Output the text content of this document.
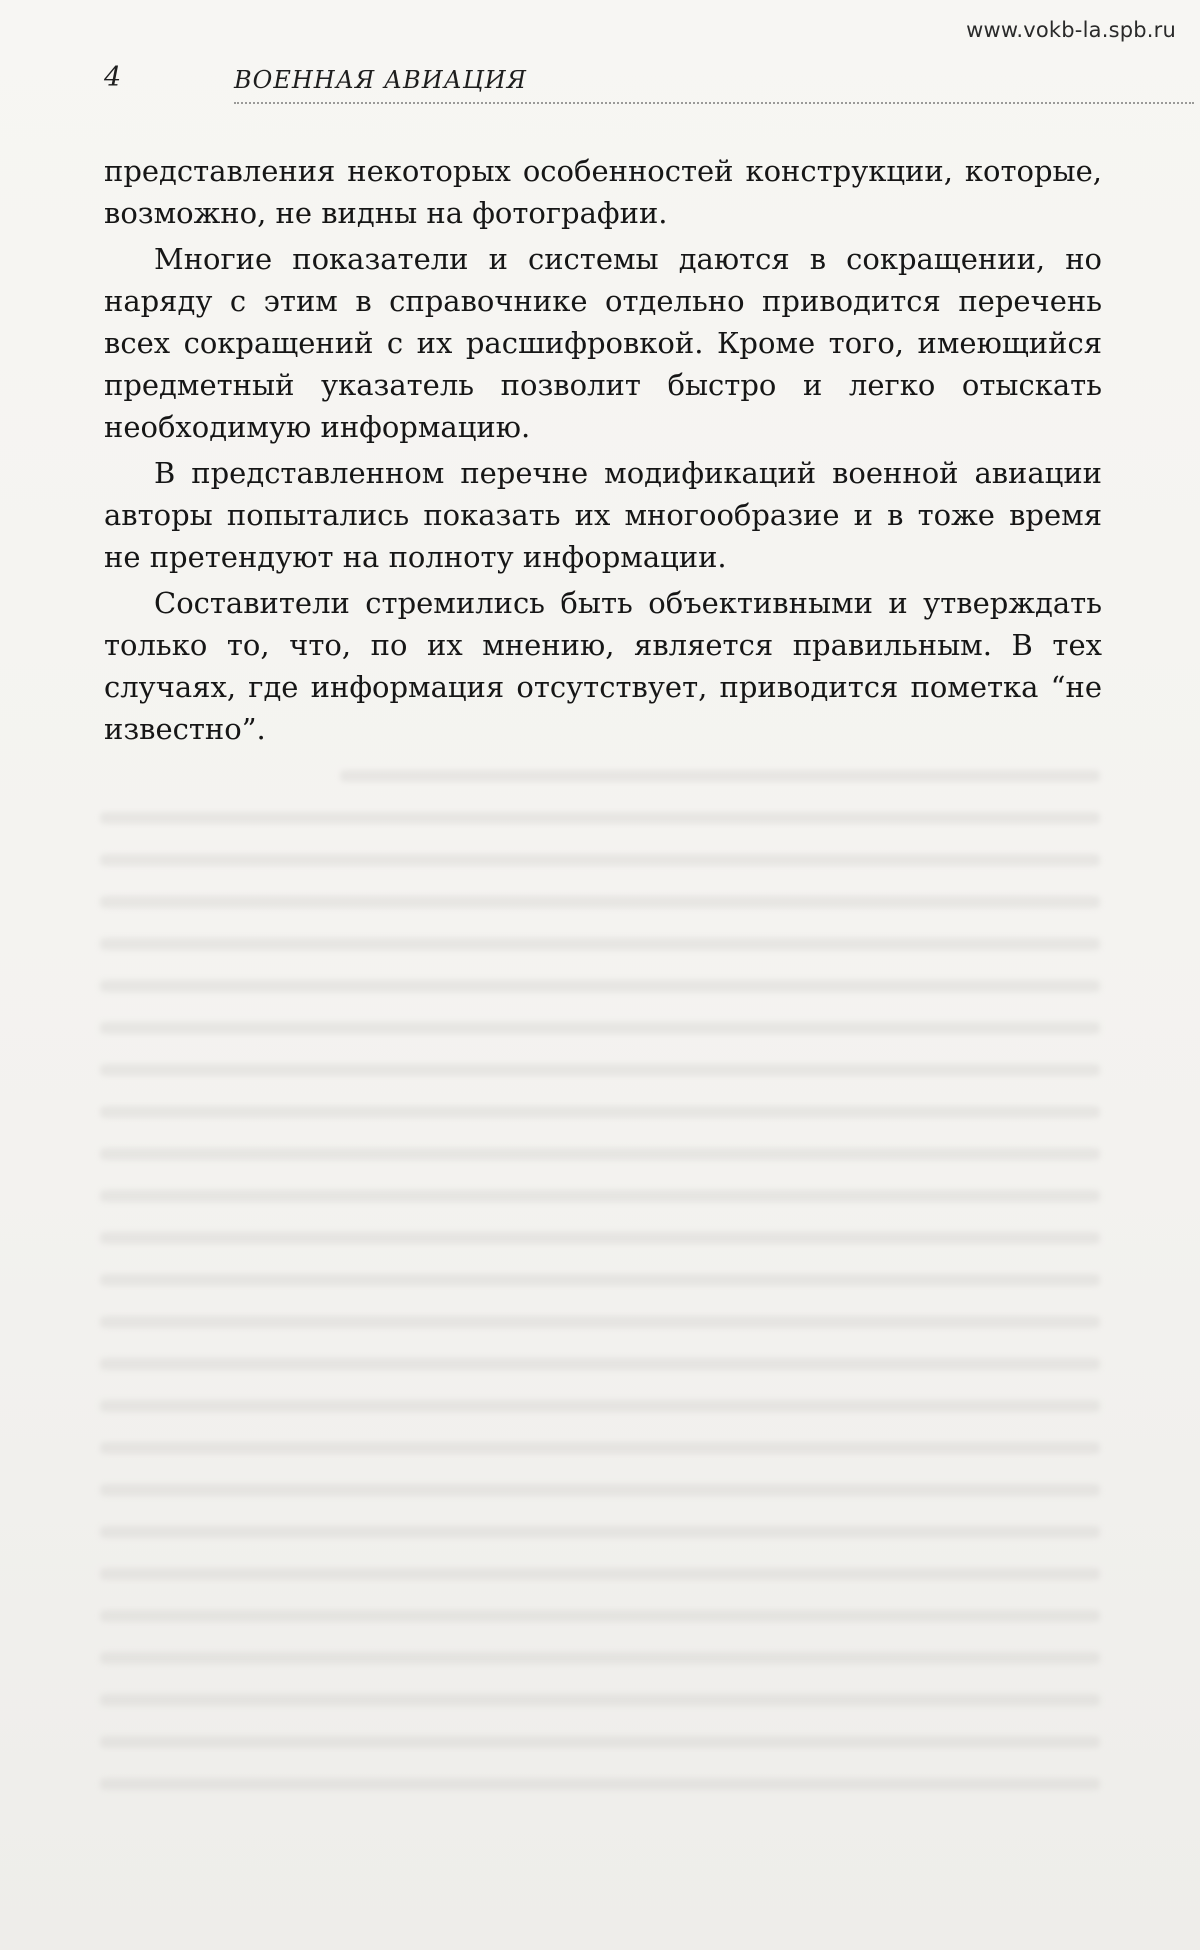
www.vokb-la.spb.ru
4	ВОЕННАЯ АВИАЦИЯ

представления некоторых особенностей конструкции, которые, возможно, не видны на фотографии.

Многие показатели и системы даются в сокращении, но наряду с этим в справочнике отдельно приводится перечень всех сокращений с их расшифровкой. Кроме того, имеющийся предметный указатель позволит быстро и легко отыскать необходимую информацию.

В представленном перечне модификаций военной авиации авторы попытались показать их многообразие и в тоже время не претендуют на полноту информации.

Составители стремились быть объективными и утверждать только то, что, по их мнению, является правильным. В тех случаях, где информация отсутствует, приводится пометка “не известно”.
